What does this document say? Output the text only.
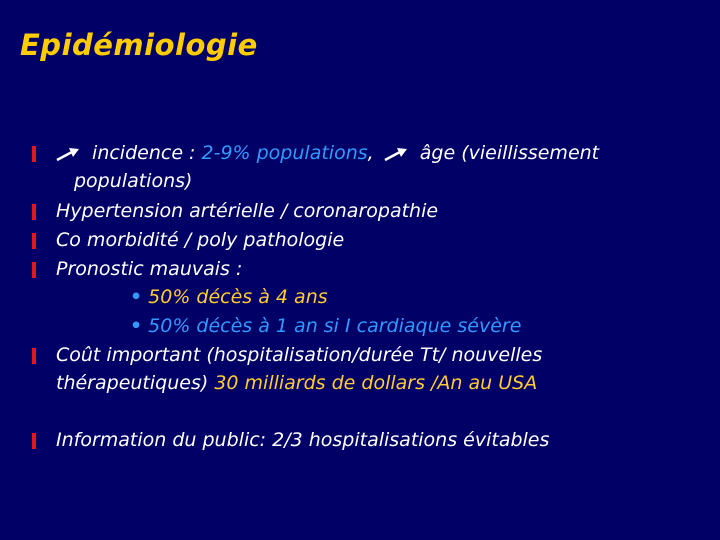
Epidémiologie
incidence : 2-9% populations,  âge (vieillissement
populations)
Hypertension artérielle / coronaropathie
Co morbidité / poly pathologie
Pronostic mauvais :
• 50% décès à 4 ans
• 50% décès à 1 an si I cardiaque sévère
Coût important (hospitalisation/durée Tt/ nouvelles
thérapeutiques) 30 milliards de dollars /An au USA
Information du public: 2/3 hospitalisations évitables
